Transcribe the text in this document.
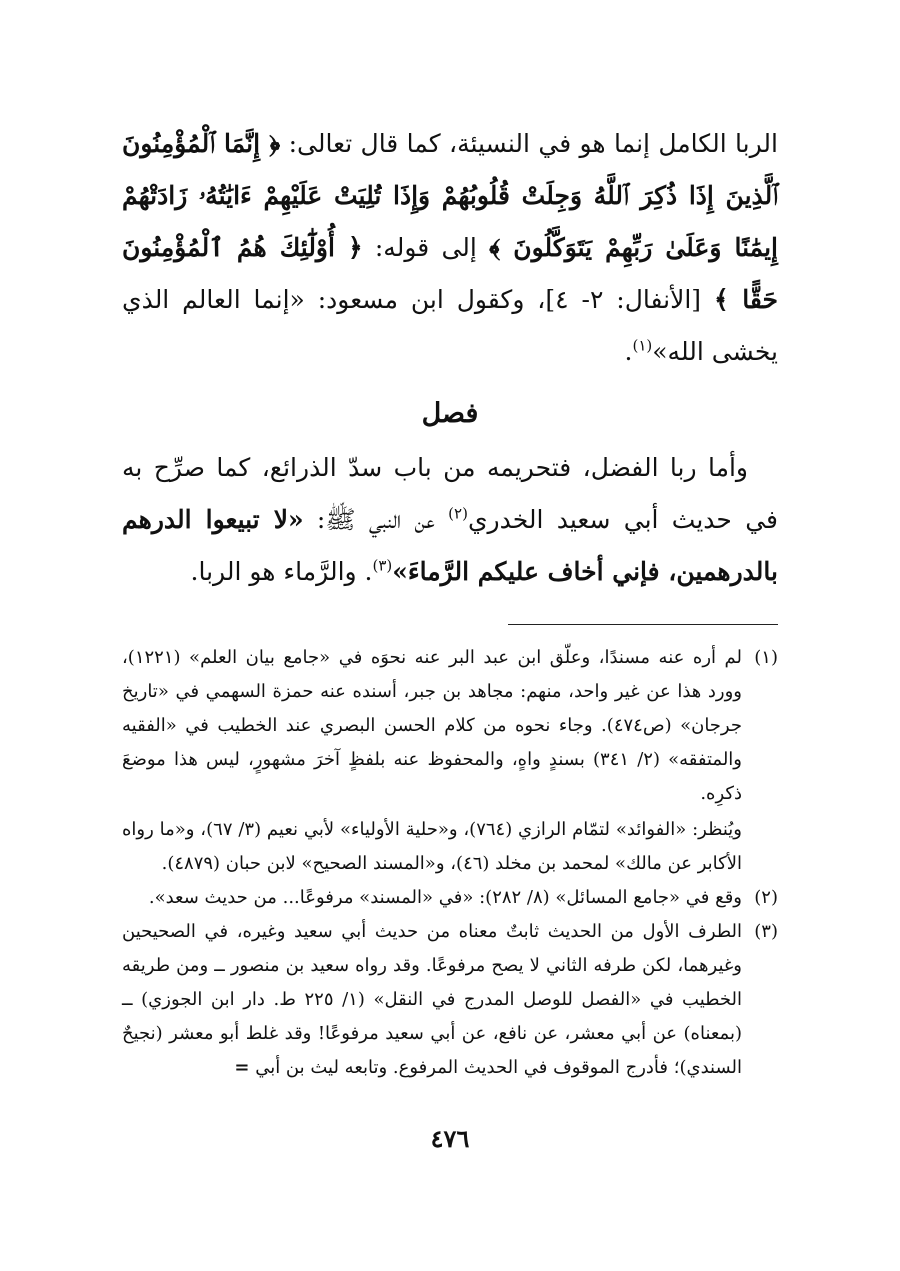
الربا الكامل إنما هو في النسيئة، كما قال تعالى: ﴿ إِنَّمَا ٱلْمُؤْمِنُونَ ٱلَّذِينَ إِذَا ذُكِرَ ٱللَّهُ وَجِلَتْ قُلُوبُهُمْ وَإِذَا تُلِيَتْ عَلَيْهِمْ ءَايَٰتُهُۥ زَادَتْهُمْ إِيمَٰنًا وَعَلَىٰ رَبِّهِمْ يَتَوَكَّلُونَ ﴾ إلى قوله: ﴿ أُوْلَٰٓئِكَ هُمُ ٱلْمُؤْمِنُونَ حَقًّا ﴾ [الأنفال: ٢- ٤]، وكقول ابن مسعود: «إنما العالم الذي يخشى الله»$^{(١)}$.

فصل

وأما ربا الفضل، فتحريمه من باب سدّ الذرائع، كما صرِّح به في حديث أبي سعيد الخدري$^{(٢)}$ عن النبي ﷺ: «لا تبيعوا الدرهم بالدرهمين، فإني أخاف عليكم الرَّماءَ»$^{(٣)}$. والرَّماء هو الربا.

(١)

لم أره عنه مسندًا، وعلّق ابن عبد البر عنه نحوَه في «جامع بيان العلم» (١٢٢١)، وورد هذا عن غير واحد، منهم: مجاهد بن جبر، أسنده عنه حمزة السهمي في «تاريخ جرجان» (ص٤٧٤). وجاء نحوه من كلام الحسن البصري عند الخطيب في «الفقيه والمتفقه» (٢/ ٣٤١) بسندٍ واهٍ، والمحفوظ عنه بلفظٍ آخرَ مشهورٍ، ليس هذا موضعَ ذكرِه.

ويُنظر: «الفوائد» لتمّام الرازي (٧٦٤)، و«حلية الأولياء» لأبي نعيم (٣/ ٦٧)، و«ما رواه الأكابر عن مالك» لمحمد بن مخلد (٤٦)، و«المسند الصحيح» لابن حبان (٤٨٧٩).

(٢)

وقع في «جامع المسائل» (٨/ ٢٨٢): «في «المسند» مرفوعًا... من حديث سعد».

(٣)

الطرف الأول من الحديث ثابتٌ معناه من حديث أبي سعيد وغيره، في الصحيحين وغيرهما، لكن طرفه الثاني لا يصح مرفوعًا. وقد رواه سعيد بن منصور ــ ومن طريقه الخطيب في «الفصل للوصل المدرج في النقل» (١/ ٢٢٥ ط. دار ابن الجوزي) ــ (بمعناه) عن أبي معشر، عن نافع، عن أبي سعيد مرفوعًا! وقد غلط أبو معشر (نجيحٌ السندي)؛ فأدرج الموقوف في الحديث المرفوع. وتابعه ليث بن أبي =

٤٧٦
